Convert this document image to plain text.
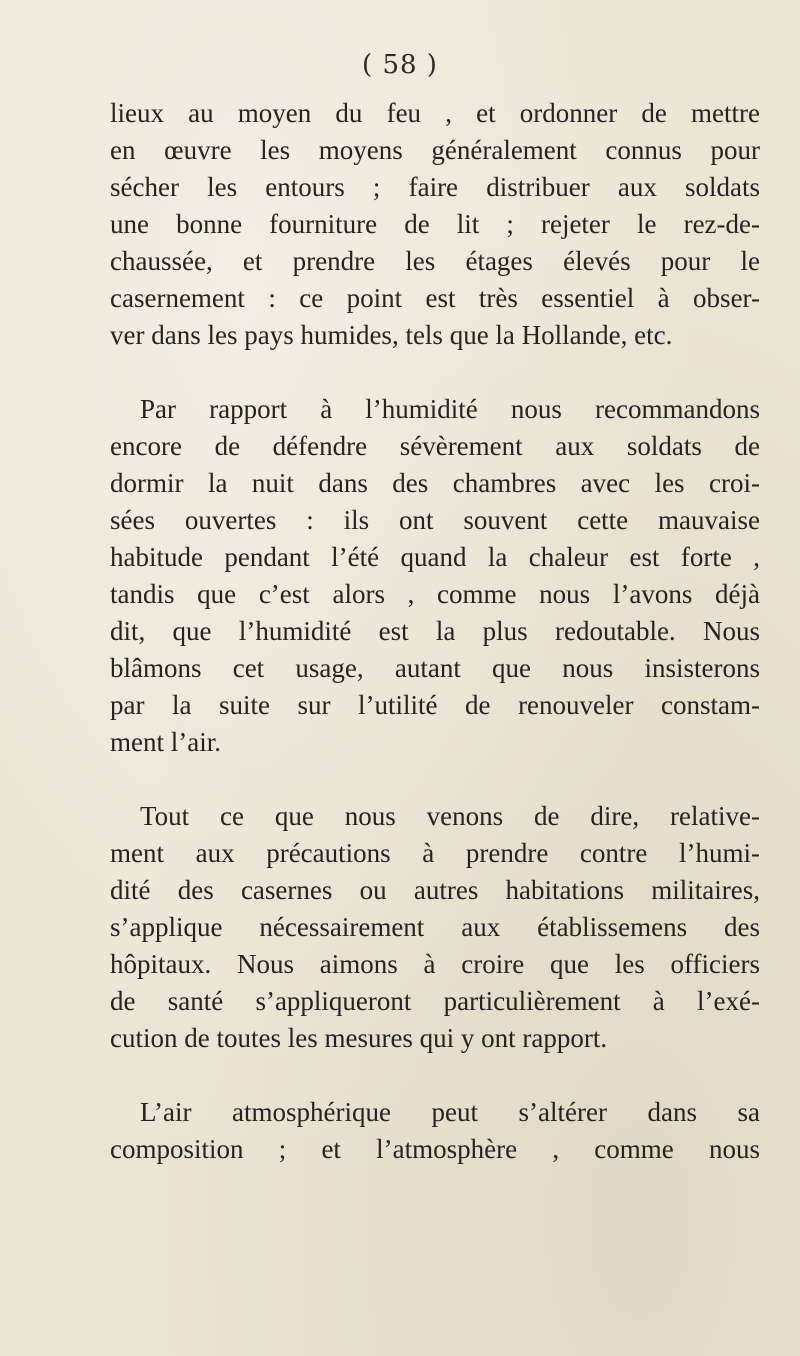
( 58 )

lieux au moyen du feu , et ordonner de mettre
en œuvre les moyens généralement connus pour
sécher les entours ; faire distribuer aux soldats
une bonne fourniture de lit ; rejeter le rez-de-
chaussée, et prendre les étages élevés pour le
casernement : ce point est très essentiel à obser-
ver dans les pays humides, tels que la Hollande, etc.

Par rapport à l’humidité nous recommandons
encore de défendre sévèrement aux soldats de
dormir la nuit dans des chambres avec les croi-
sées ouvertes : ils ont souvent cette mauvaise
habitude pendant l’été quand la chaleur est forte ,
tandis que c’est alors , comme nous l’avons déjà
dit, que l’humidité est la plus redoutable. Nous
blâmons cet usage, autant que nous insisterons
par la suite sur l’utilité de renouveler constam-
ment l’air.

Tout ce que nous venons de dire, relative-
ment aux précautions à prendre contre l’humi-
dité des casernes ou autres habitations militaires,
s’applique nécessairement aux établissemens des
hôpitaux. Nous aimons à croire que les officiers
de santé s’appliqueront particulièrement à l’exé-
cution de toutes les mesures qui y ont rapport.

L’air atmosphérique peut s’altérer dans sa
composition ; et l’atmosphère , comme nous
